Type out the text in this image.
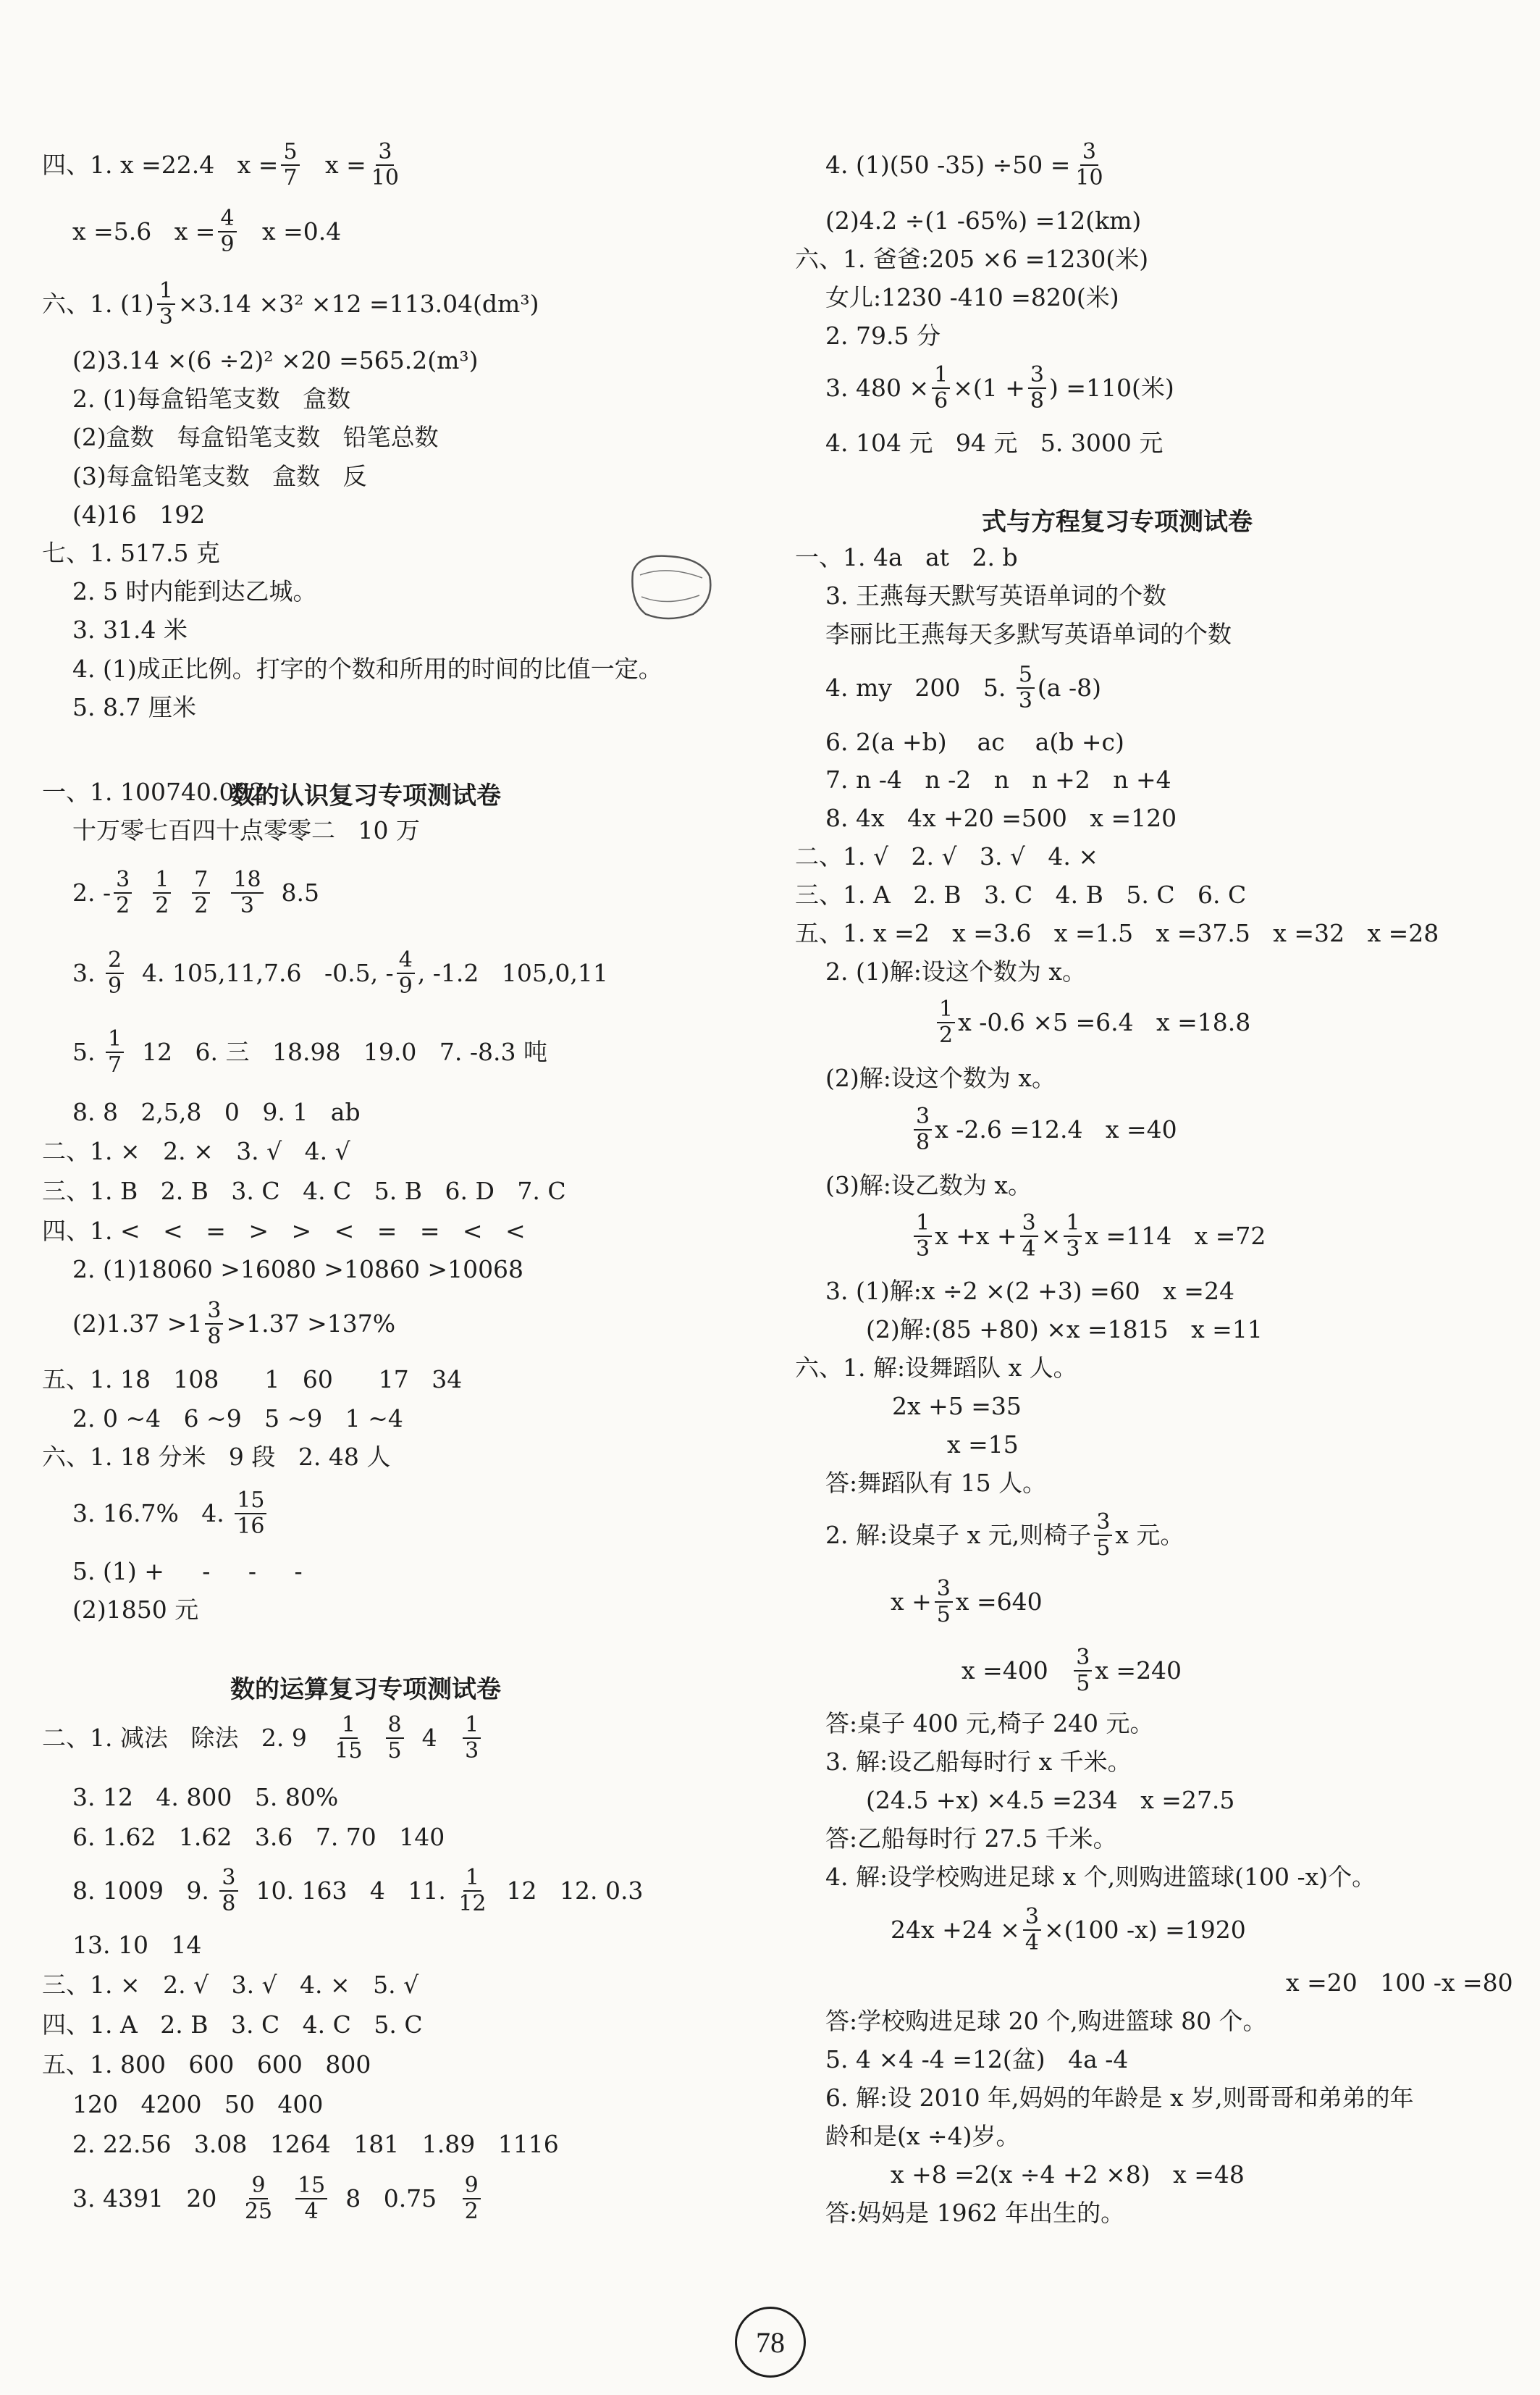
四、1. x =22.4   $x = \frac{5}{7}$ $x = \frac{3}{10}$
x =5.6   $x = \frac{4}{9}$ x =0.4
六、1. $(1) \frac{1}{3} \times 3.14 \times 3^2 \times 12 =113.04(dm^3)$
(2)3.14 ×(6 ÷2)² ×20 =565.2(m³)
2. (1)每盒铅笔支数   盒数
(2)盒数   每盒铅笔支数   铅笔总数
(3)每盒铅笔支数   盒数   反
(4)16   192
七、1. 517.5 克
2. 5 时内能到达乙城。
3. 31.4 米
4. (1)成正比例。打字的个数和所用的时间的比值一定。
5. 8.7 厘米
一、1. 100740.002
十万零七百四十点零零二   10 万
2. - $\frac{3}{2}$
$\frac{1}{2}$
$\frac{7}{2}$
$\frac{18}{3} 8.5$
3. $\frac{2}{9} 4$. 105,11,7.6   -0.5, - $\frac{4}{9}$ , -1.2   105,0,11
5. $\frac{1}{7} 12$   6. 三   18.98   19.0   7. -8.3 吨
8. 8   2,5,8   0   9. 1   ab
二、1. ×   2. ×   3. √   4. √
三、1. B   2. B   3. C   4. C   5. B   6. D   7. C
四、1. <   <   =   >   >   <   =   =   <   <
2. (1)18060 >16080 >10860 >10068
$(2)1.37 >1 \frac{3}{8} >1.37 >137\%$
五、1. 18   108      1   60      17   34
2. 0 ~4   6 ~9   5 ~9   1 ~4
六、1. 18 分米   9 段   2. 48 人
3. 16.7%   4. $\frac{15}{16}$
5. (1) +     -     -     -
(2)1850 元
二、1. 减法   除法   2. $9 \frac{1}{15}$
$\frac{8}{5} 4 \frac{1}{3}$
3. 12   4. 800   5. 80%
6. 1.62   1.62   3.6   7. 70   140
8. 1009   9. $\frac{3}{8} 10$. 163   4   11. $\frac{1}{12} 12$   12. 0.3
13. 10   14
三、1. ×   2. √   3. √   4. ×   5. √
四、1. A   2. B   3. C   4. C   5. C
五、1. 800   600   600   800
120   4200   50   400
2. 22.56   3.08   1264   181   1.89   1116
3. 4391   $20 \frac{9}{25}$
$\frac{15}{4} 8$   $0.75 \frac{9}{2}$
数的认识复习专项测试卷
数的运算复习专项测试卷
4. (1)(50 $-35) \div 50 = \frac{3}{10}$
(2)4.2 ÷(1 -65%) =12(km)
六、1. 爸爸:205 ×6 =1230(米)
女儿:1230 -410 =820(米)
2. 79.5 分
3. $480 \times \frac{1}{6} \times(1 + \frac{3}{8}$ ) =110(米)
4. 104 元   94 元   5. 3000 元
一、1. 4a   at   2. b
3. 王燕每天默写英语单词的个数
李丽比王燕每天多默写英语单词的个数
4. my   200   5. $\frac{5}{3} (a$ -8)
6. 2(a +b)    ac    a(b +c)
7. n -4   n -2   n   n +2   n +4
8. 4x   4x +20 =500   x =120
二、1. √   2. √   3. √   4. ×
三、1. A   2. B   3. C   4. B   5. C   6. C
五、1. x =2   x =3.6   x =1.5   x =37.5   x =32   x =28
2. (1)解:设这个数为 x。
$\frac{1}{2}$ x -0.6 ×5 =6.4   x =18.8
(2)解:设这个数为 x。
$\frac{3}{8}$ x -2.6 =12.4   x =40
(3)解:设乙数为 x。
$\frac{1}{3}$ $x +x + \frac{3}{4} \times \frac{1}{3}$ x =114   x =72
3. (1)解:x ÷2 ×(2 +3) =60   x =24
(2)解:(85 +80) ×x =1815   x =11
六、1. 解:设舞蹈队 x 人。
2x +5 =35
x =15
答:舞蹈队有 15 人。
2. 解:设桌子 x 元,则椅子 $\frac{3}{5}$ x 元。
$x + \frac{3}{5}$ x =640
$x =400 \frac{3}{5}$ x =240
答:桌子 400 元,椅子 240 元。
3. 解:设乙船每时行 x 千米。
(24.5 +x) ×4.5 =234   x =27.5
答:乙船每时行 27.5 千米。
4. 解:设学校购进足球 x 个,则购进篮球(100 -x)个。
$24x +24 \times \frac{3}{4} \times(100$ -x) =1920
x =20   100 -x =80
答:学校购进足球 20 个,购进篮球 80 个。
5. 4 ×4 -4 =12(盆)   4a -4
6. 解:设 2010 年,妈妈的年龄是 x 岁,则哥哥和弟弟的年
龄和是(x ÷4)岁。
x +8 =2(x ÷4 +2 ×8)   x =48
答:妈妈是 1962 年出生的。
式与方程复习专项测试卷
78
